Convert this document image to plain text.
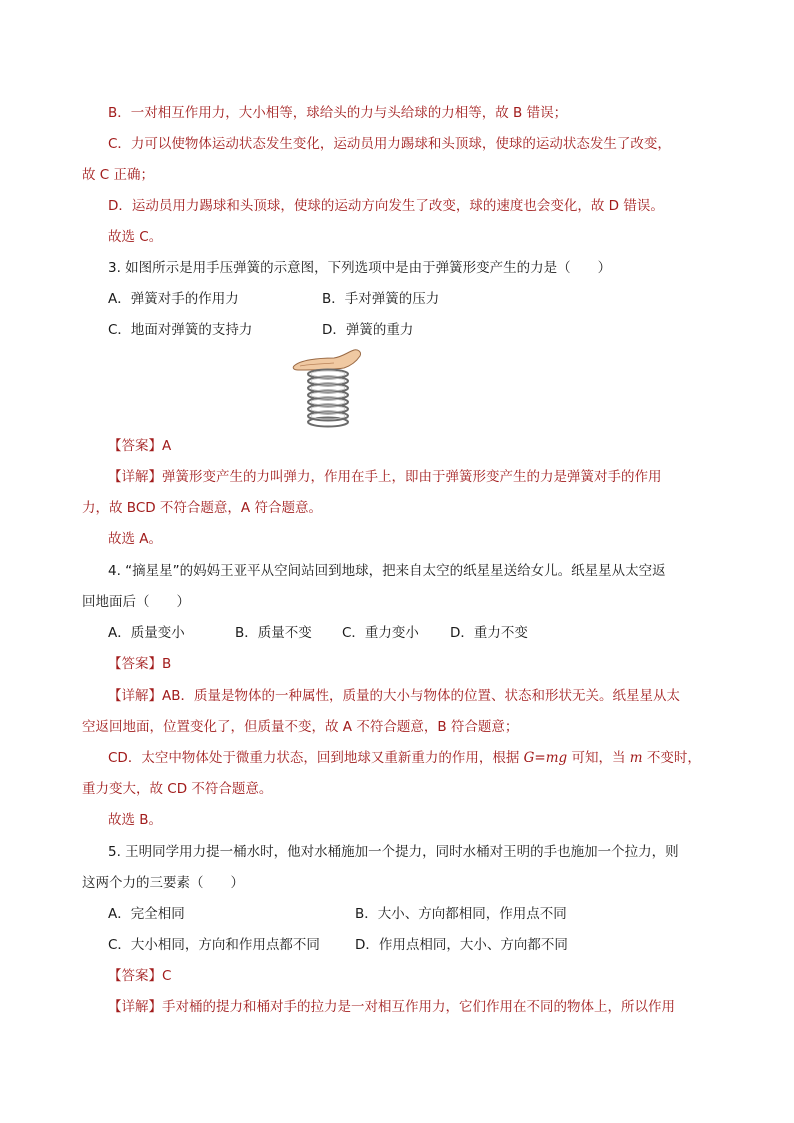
B．一对相互作用力，大小相等，球给头的力与头给球的力相等，故 B 错误；
C．力可以使物体运动状态发生变化，运动员用力踢球和头顶球，使球的运动状态发生了改变，
故 C 正确；
D．运动员用力踢球和头顶球，使球的运动方向发生了改变，球的速度也会变化，故 D 错误。
故选 C。
3. 如图所示是用手压弹簧的示意图，下列选项中是由于弹簧形变产生的力是（　　）
A．弹簧对手的作用力	B．手对弹簧的压力
C．地面对弹簧的支持力	D．弹簧的重力
【答案】A
【详解】弹簧形变产生的力叫弹力，作用在手上，即由于弹簧形变产生的力是弹簧对手的作用
力，故 BCD 不符合题意，A 符合题意。
故选 A。
4. “摘星星”的妈妈王亚平从空间站回到地球，把来自太空的纸星星送给女儿。纸星星从太空返
回地面后（　　）
A．质量变小	B．质量不变 C．重力变小 D．重力不变
【答案】B
【详解】AB．质量是物体的一种属性，质量的大小与物体的位置、状态和形状无关。纸星星从太
空返回地面，位置变化了，但质量不变，故 A 不符合题意，B 符合题意；
CD．太空中物体处于微重力状态，回到地球又重新重力的作用，根据 G=mg 可知，当 m 不变时，
重力变大，故 CD 不符合题意。
故选 B。
5. 王明同学用力提一桶水时，他对水桶施加一个提力，同时水桶对王明的手也施加一个拉力，则
这两个力的三要素（　　）
A．完全相同	B．大小、方向都相同，作用点不同
C．大小相同，方向和作用点都不同	D．作用点相同，大小、方向都不同
【答案】C
【详解】手对桶的提力和桶对手的拉力是一对相互作用力，它们作用在不同的物体上，所以作用
